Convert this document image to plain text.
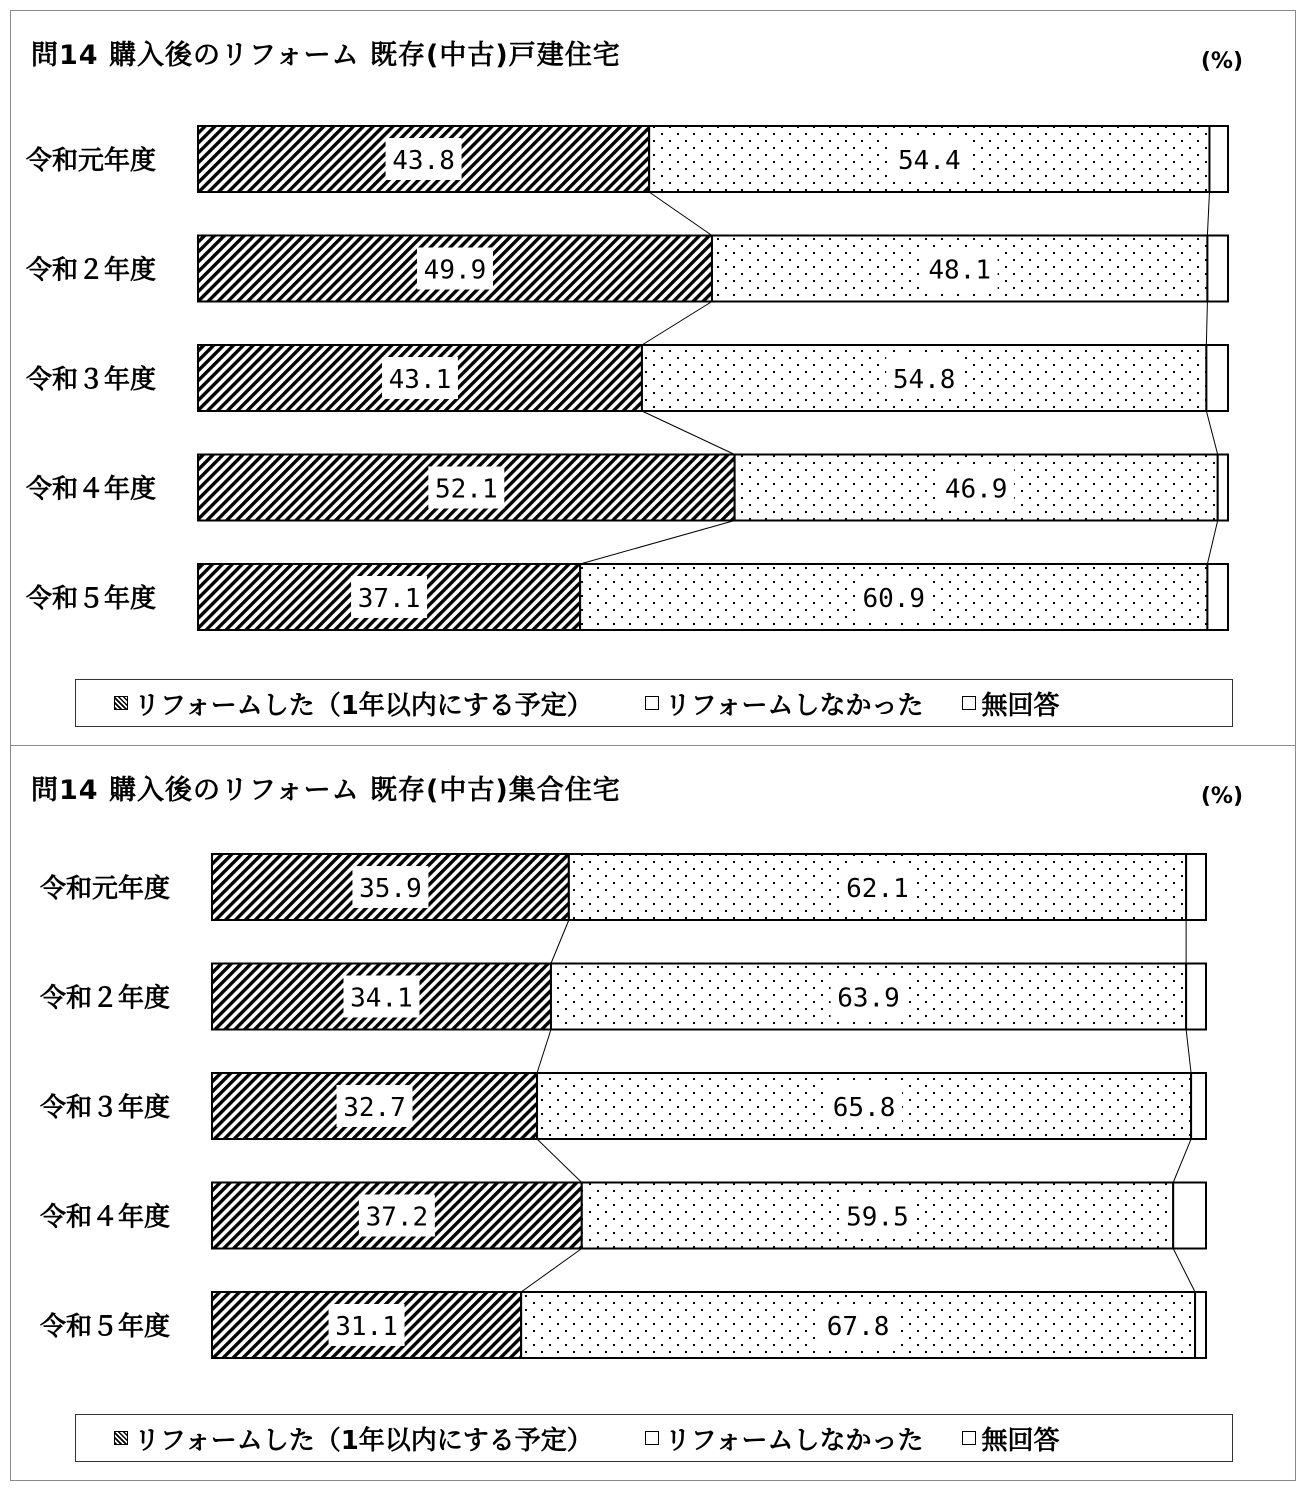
問14 購入後のリフォーム 既存(中古)戸建住宅	(%)
令和元年度	43.8	54.4
令和２年度	49.9	48.1
令和３年度	43.1	54.8
令和４年度	52.1	46.9
令和５年度	37.1	60.9
リフォームした（1年以内にする予定）	リフォームしなかった 無回答
問14 購入後のリフォーム 既存(中古)集合住宅	(%)
令和元年度	35.9	62.1
令和２年度	34.1	63.9
令和３年度	32.7	65.8
令和４年度	37.2	59.5
令和５年度	31.1	67.8
リフォームした（1年以内にする予定）	リフォームしなかった 無回答
